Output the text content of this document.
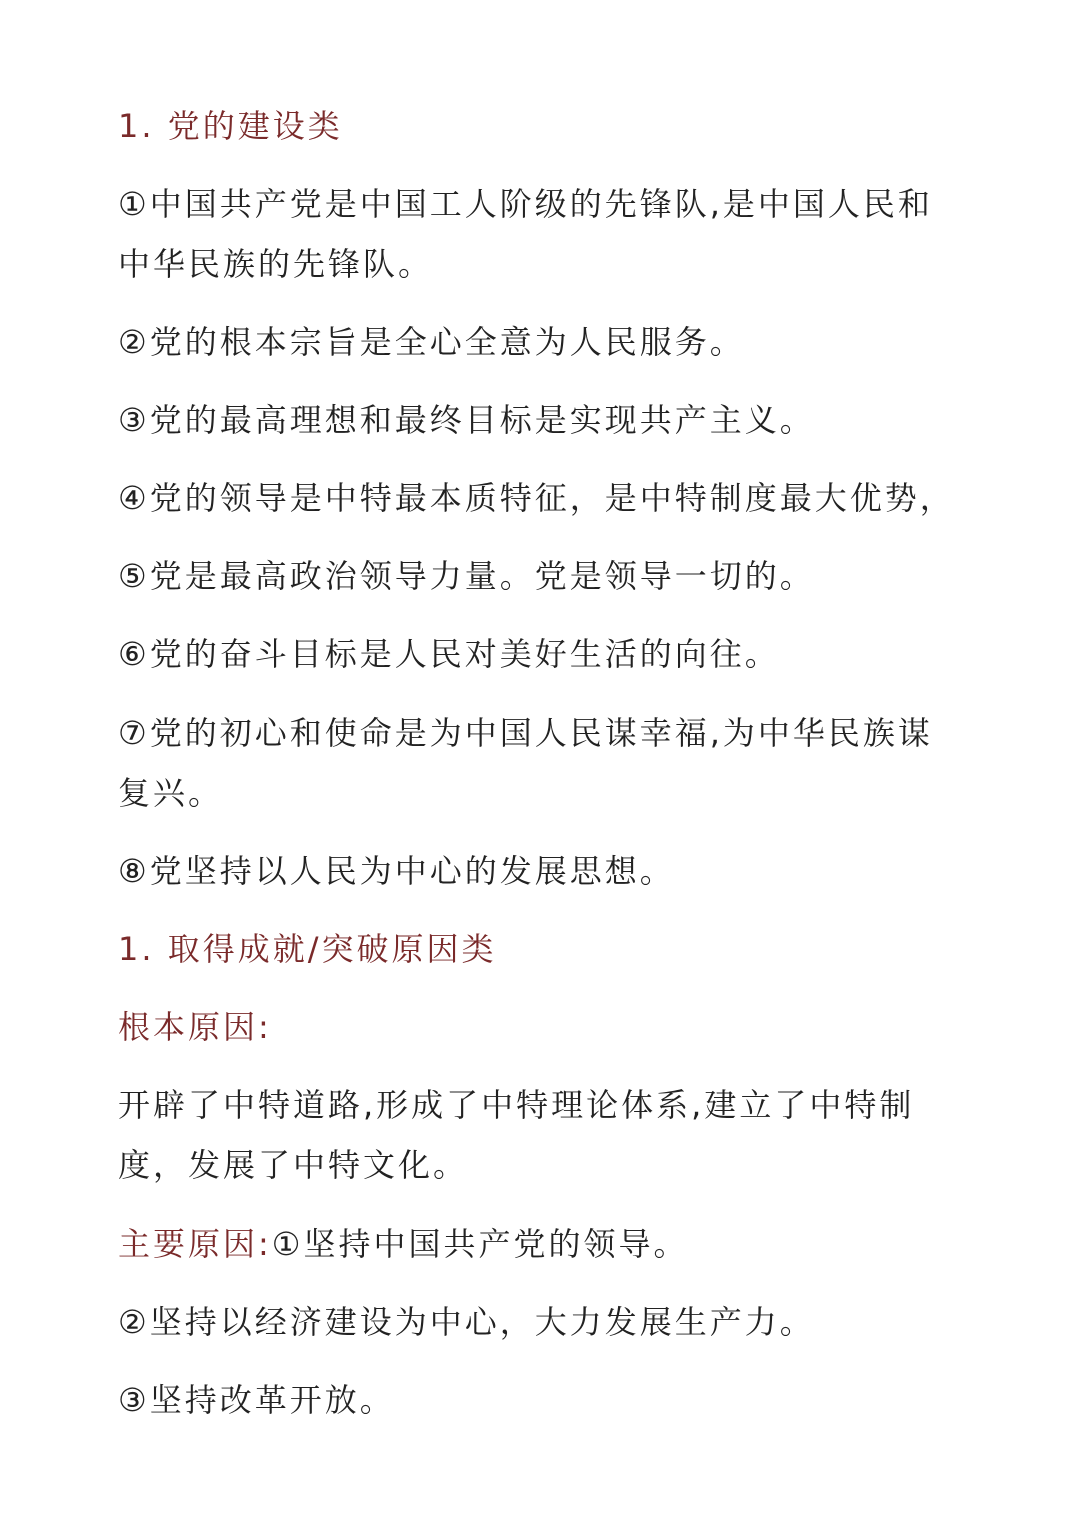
1. 党的建设类

①中国共产党是中国工人阶级的先锋队,是中国人民和

中华民族的先锋队。

②党的根本宗旨是全心全意为人民服务。

③党的最高理想和最终目标是实现共产主义。

④党的领导是中特最本质特征，是中特制度最大优势，

⑤党是最高政治领导力量。党是领导一切的。

⑥党的奋斗目标是人民对美好生活的向往。

⑦党的初心和使命是为中国人民谋幸福,为中华民族谋

复兴。

⑧党坚持以人民为中心的发展思想。

1. 取得成就/突破原因类

根本原因:

开辟了中特道路,形成了中特理论体系,建立了中特制

度，发展了中特文化。

主要原因:①坚持中国共产党的领导。

②坚持以经济建设为中心，大力发展生产力。

③坚持改革开放。
